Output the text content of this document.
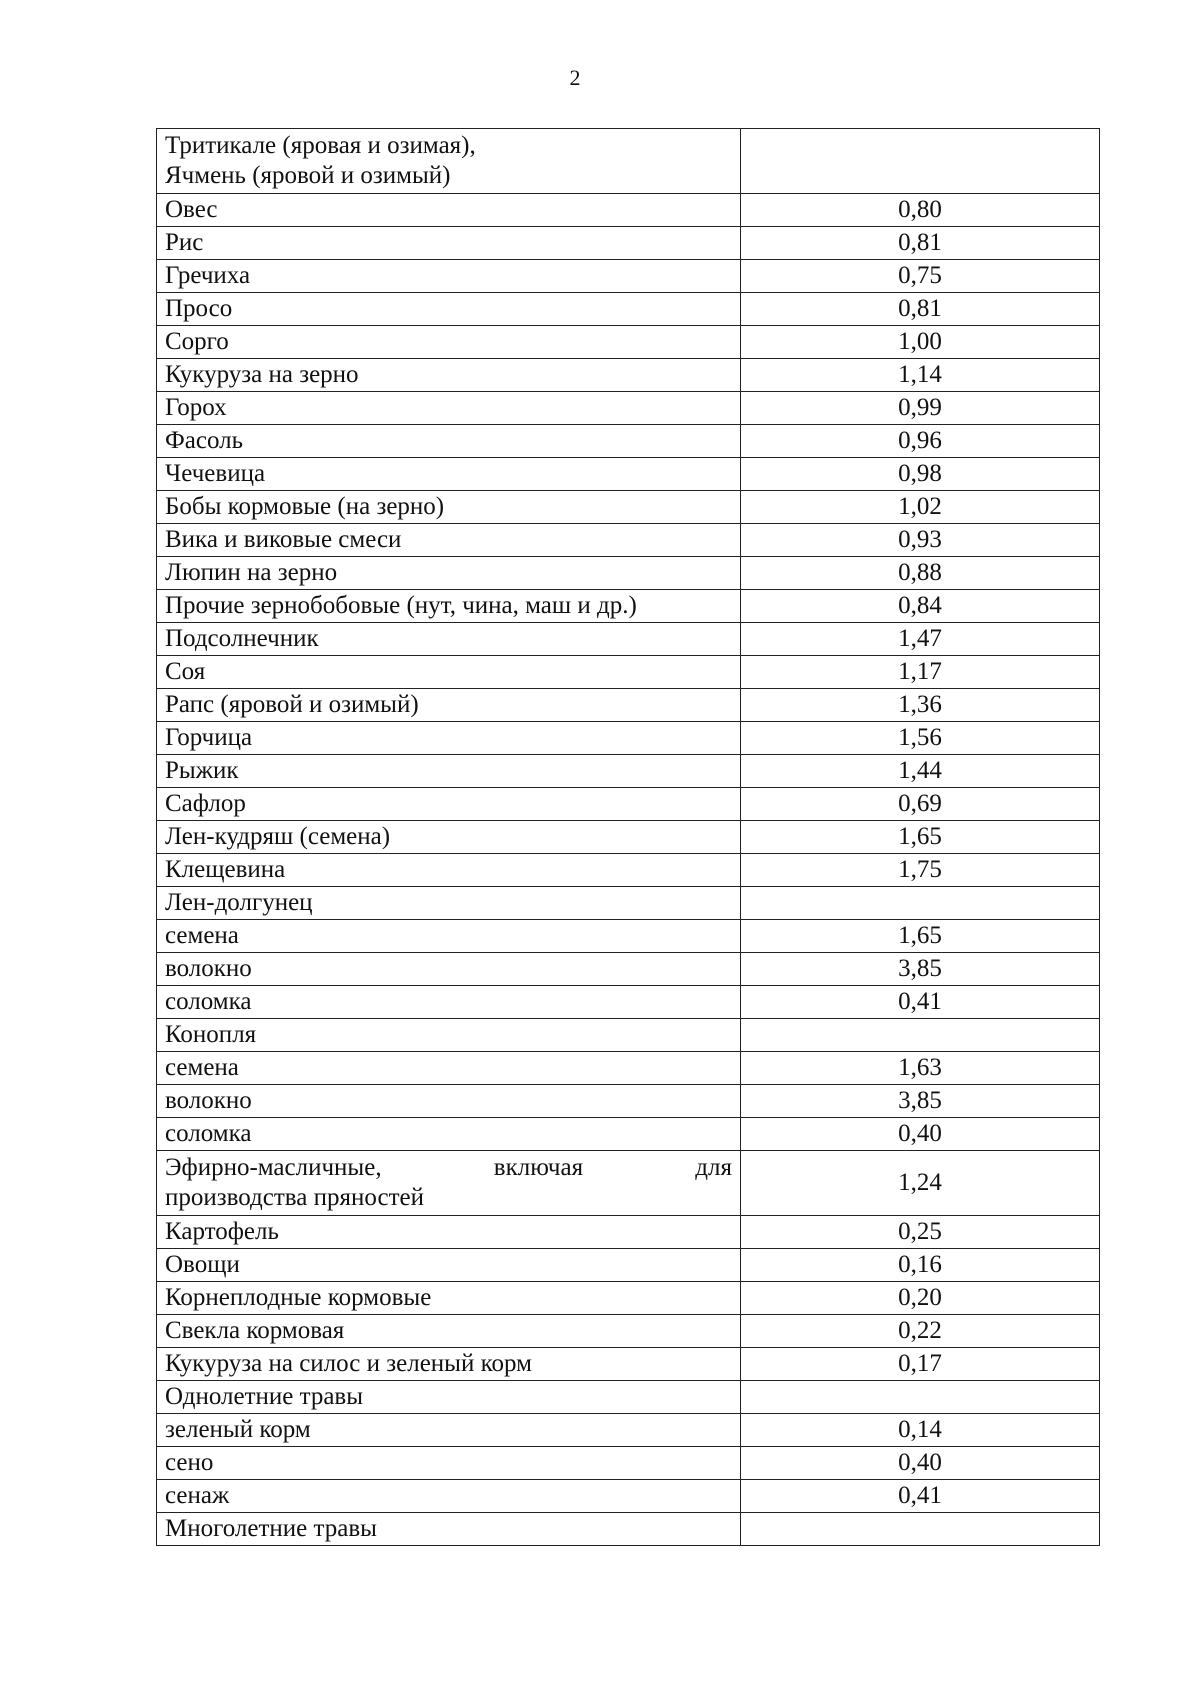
2
Тритикале (яровая и озимая),
Ячмень (яровой и озимый)	
Овес	0,80
Рис	0,81
Гречиха	0,75
Просо	0,81
Сорго	1,00
Кукуруза на зерно	1,14
Горох	0,99
Фасоль	0,96
Чечевица	0,98
Бобы кормовые (на зерно)	1,02
Вика и виковые смеси	0,93
Люпин на зерно	0,88
Прочие зернобобовые (нут, чина, маш и др.)	0,84
Подсолнечник	1,47
Соя	1,17
Рапс (яровой и озимый)	1,36
Горчица	1,56
Рыжик	1,44
Сафлор	0,69
Лен-кудряш (семена)	1,65
Клещевина	1,75
Лен-долгунец	
семена	1,65
волокно	3,85
соломка	0,41
Конопля	
семена	1,63
волокно	3,85
соломка	0,40

Эфирно-масличные, включая для
производства пряностей	1,24
Картофель	0,25
Овощи	0,16
Корнеплодные кормовые	0,20
Свекла кормовая	0,22
Кукуруза на силос и зеленый корм	0,17
Однолетние травы	
зеленый корм	0,14
сено	0,40
сенаж	0,41
Многолетние травы	
